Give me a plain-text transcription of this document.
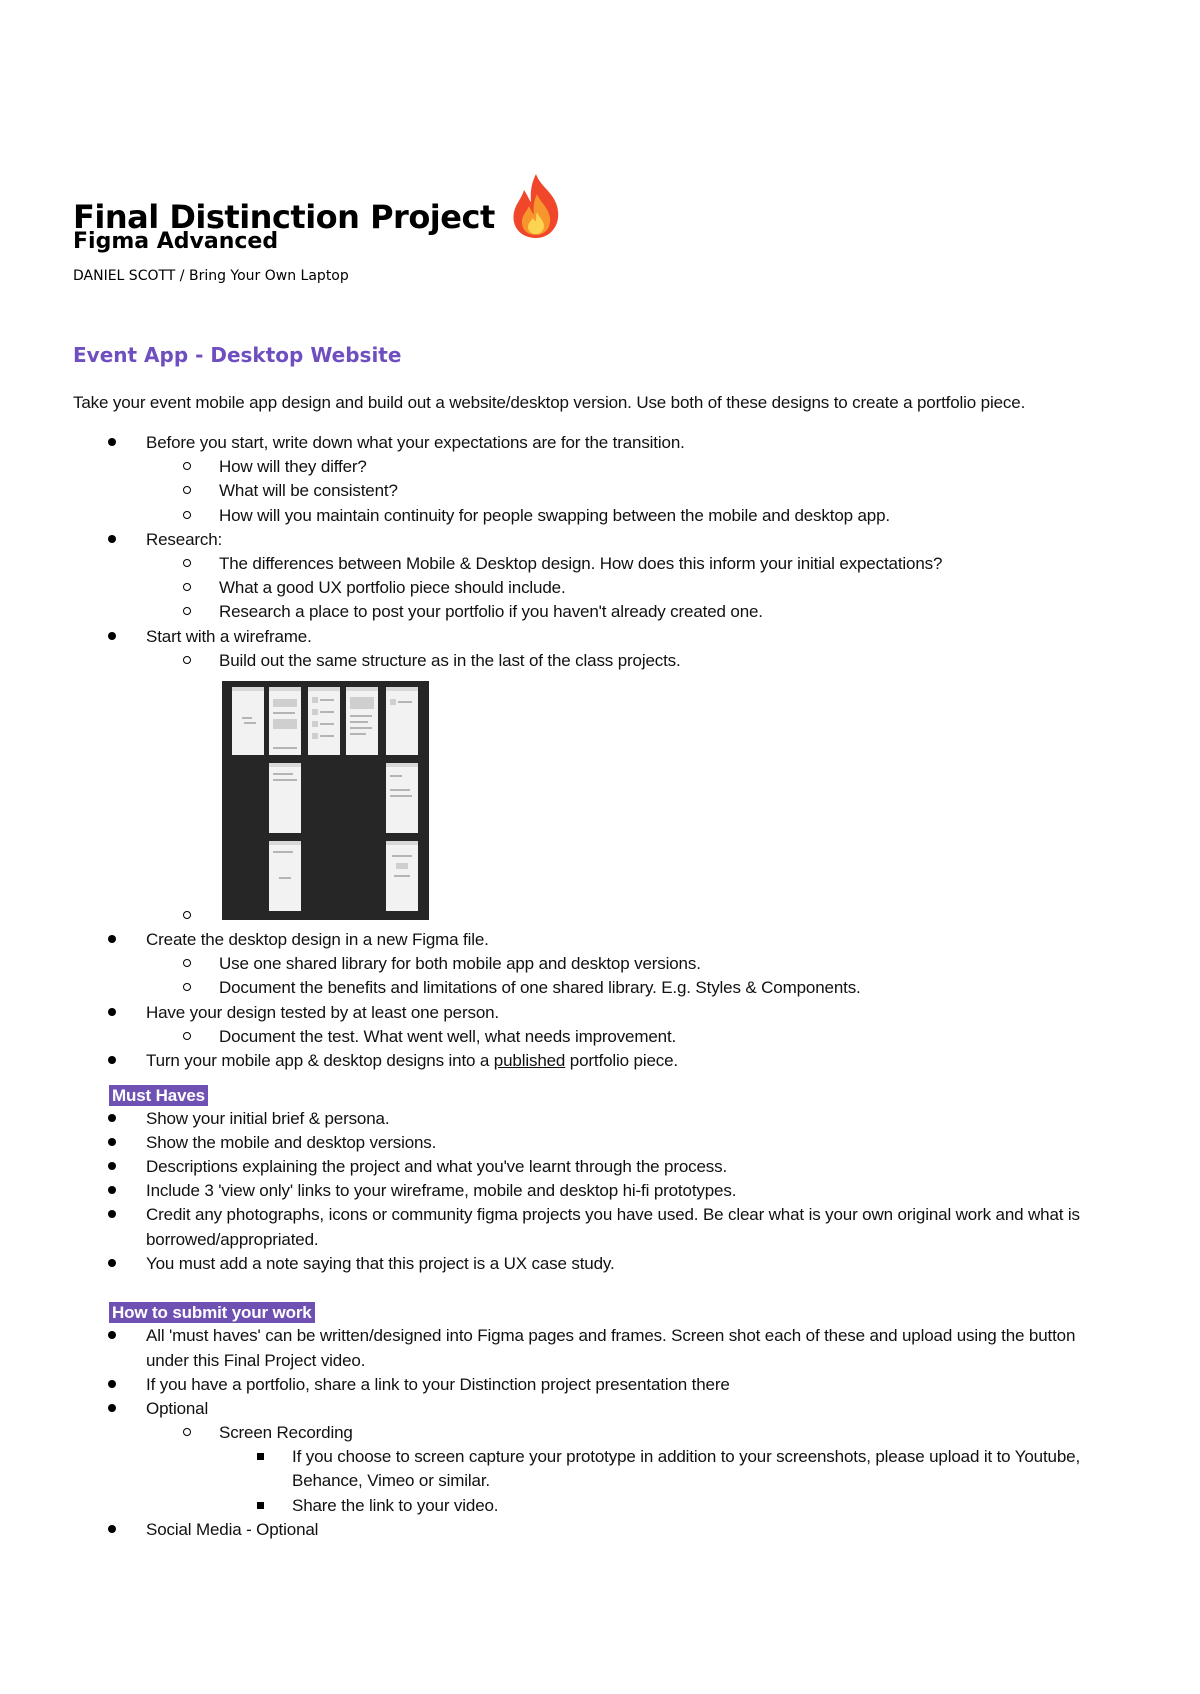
Final Distinction Project
Figma Advanced
DANIEL SCOTT / Bring Your Own Laptop
Event App - Desktop Website
Take your event mobile app design and build out a website/desktop version. Use both of these designs to create a portfolio piece.
Before you start, write down what your expectations are for the transition.
How will they differ?
What will be consistent?
How will you maintain continuity for people swapping between the mobile and desktop app.
Research:
The differences between Mobile & Desktop design. How does this inform your initial expectations?
What a good UX portfolio piece should include.
Research a place to post your portfolio if you haven't already created one.
Start with a wireframe.
Build out the same structure as in the last of the class projects.
Create the desktop design in a new Figma file.
Use one shared library for both mobile app and desktop versions.
Document the benefits and limitations of one shared library. E.g. Styles & Components.
Have your design tested by at least one person.
Document the test. What went well, what needs improvement.
Turn your mobile app & desktop designs into a published portfolio piece.
Must Haves
Show your initial brief & persona.
Show the mobile and desktop versions.
Descriptions explaining the project and what you've learnt through the process.
Include 3 'view only' links to your wireframe, mobile and desktop hi-fi prototypes.
Credit any photographs, icons or community figma projects you have used. Be clear what is your own original work and what is
borrowed/appropriated.
You must add a note saying that this project is a UX case study.
How to submit your work
All 'must haves' can be written/designed into Figma pages and frames. Screen shot each of these and upload using the button
under this Final Project video.
If you have a portfolio, share a link to your Distinction project presentation there
Optional
Screen Recording
If you choose to screen capture your prototype in addition to your screenshots, please upload it to Youtube,
Behance, Vimeo or similar.
Share the link to your video.
Social Media - Optional
